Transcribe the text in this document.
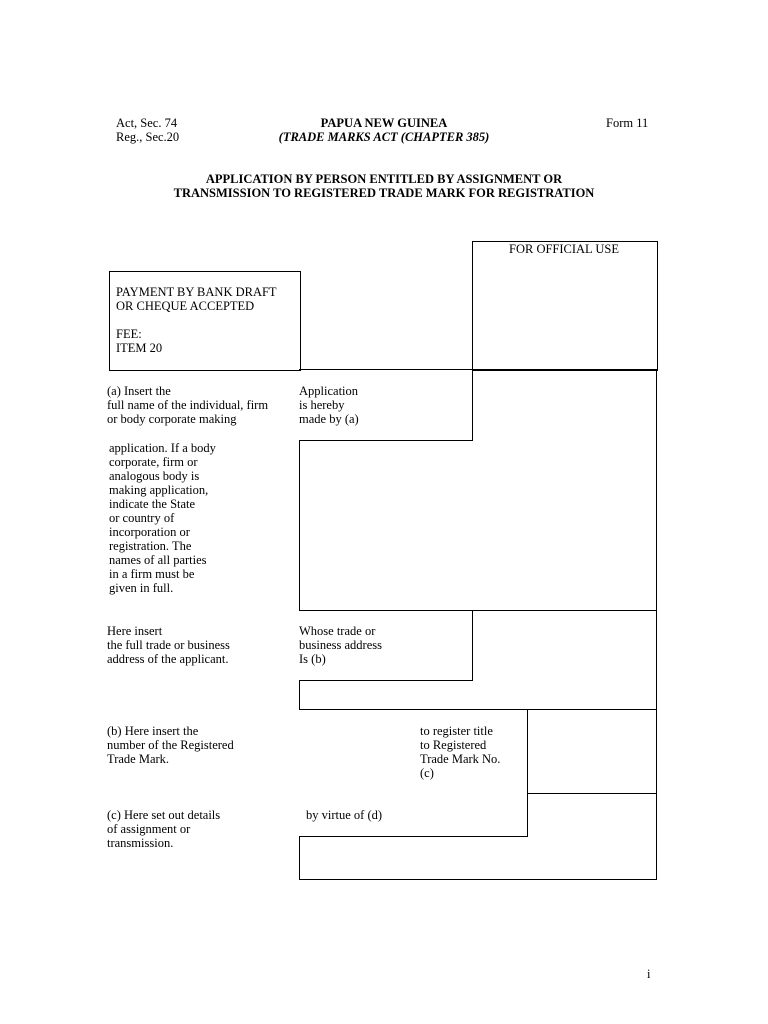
Act, Sec. 74
Reg., Sec.20
PAPUA NEW GUINEA
(TRADE MARKS ACT (CHAPTER 385)
Form 11
APPLICATION BY PERSON ENTITLED BY ASSIGNMENT OR
TRANSMISSION TO REGISTERED TRADE MARK FOR REGISTRATION
FOR OFFICIAL USE
PAYMENT BY BANK DRAFT
OR CHEQUE ACCEPTED
FEE:
ITEM 20
(a) Insert the
full name of the individual, firm
or body corporate making
application. If a body
corporate, firm or
analogous body is
making application,
indicate the State
or country of
incorporation or
registration. The
names of all parties
in a firm must be
given in full.
Here insert
the full trade or business
address of the applicant.
(b) Here insert the
number of the Registered
Trade Mark.
(c) Here set out details
of assignment or
transmission.
Application
is hereby
made by (a)
Whose trade or
business address
Is (b)
to register title
to Registered
Trade Mark No.
(c)
by virtue of (d)
i
